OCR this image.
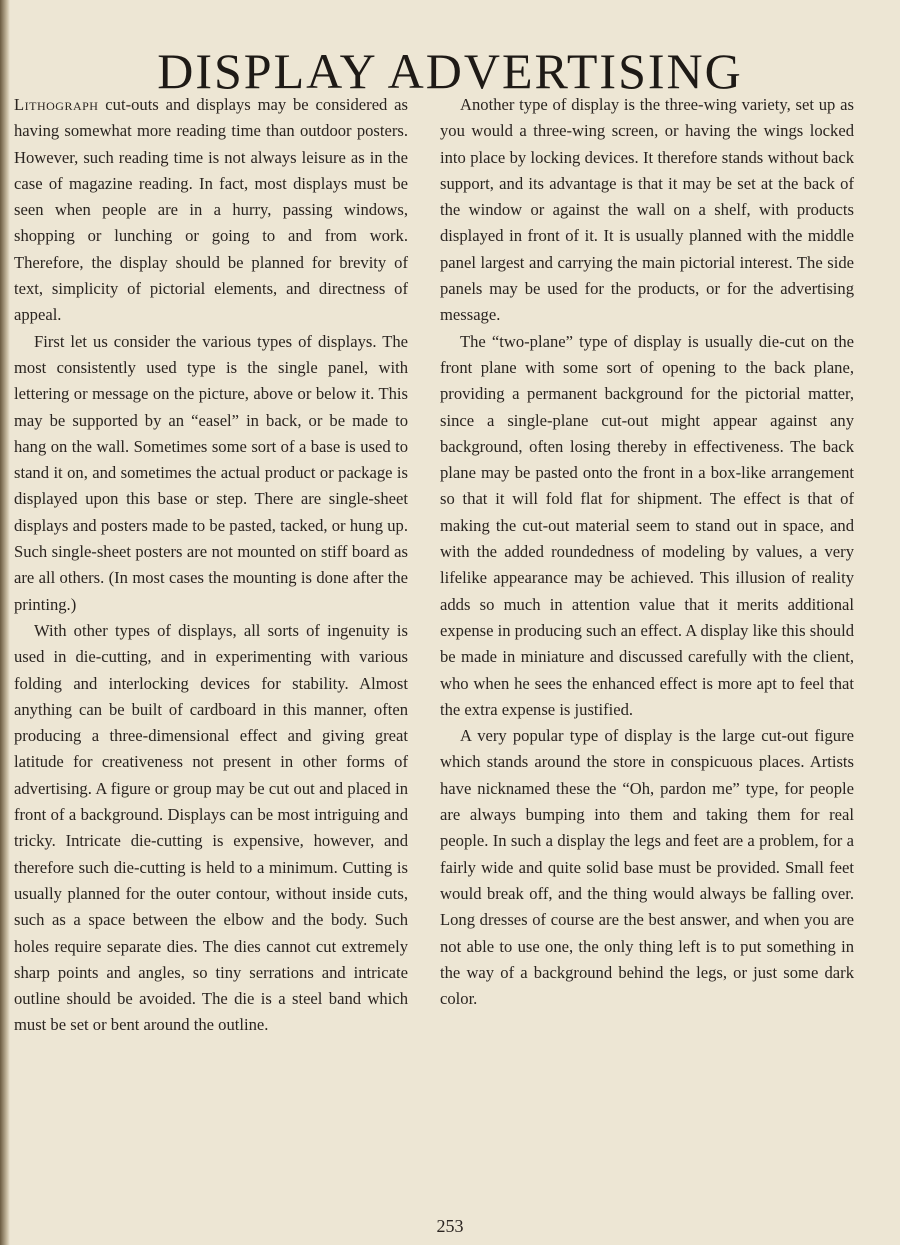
DISPLAY ADVERTISING

Lithograph cut-outs and displays may be considered as having somewhat more reading time than outdoor posters. However, such reading time is not always leisure as in the case of magazine reading. In fact, most displays must be seen when people are in a hurry, passing windows, shopping or lunching or going to and from work. Therefore, the display should be planned for brevity of text, simplicity of pictorial elements, and directness of appeal.

First let us consider the various types of displays. The most consistently used type is the single panel, with lettering or message on the picture, above or below it. This may be supported by an “easel” in back, or be made to hang on the wall. Sometimes some sort of a base is used to stand it on, and sometimes the actual product or package is displayed upon this base or step. There are single-sheet displays and posters made to be pasted, tacked, or hung up. Such single-sheet posters are not mounted on stiff board as are all others. (In most cases the mounting is done after the printing.)

With other types of displays, all sorts of ingenuity is used in die-cutting, and in experimenting with various folding and interlocking devices for stability. Almost anything can be built of cardboard in this manner, often producing a three-dimensional effect and giving great latitude for creativeness not present in other forms of advertising. A figure or group may be cut out and placed in front of a background. Displays can be most intriguing and tricky. Intricate die-cutting is expensive, however, and therefore such die-cutting is held to a minimum. Cutting is usually planned for the outer contour, without inside cuts, such as a space between the elbow and the body. Such holes require separate dies. The dies cannot cut extremely sharp points and angles, so tiny serrations and intricate outline should be avoided. The die is a steel band which must be set or bent around the outline.

Another type of display is the three-wing variety, set up as you would a three-wing screen, or having the wings locked into place by locking devices. It therefore stands without back support, and its advantage is that it may be set at the back of the window or against the wall on a shelf, with products displayed in front of it. It is usually planned with the middle panel largest and carrying the main pictorial interest. The side panels may be used for the products, or for the advertising message.

The “two-plane” type of display is usually die-cut on the front plane with some sort of opening to the back plane, providing a permanent background for the pictorial matter, since a single-plane cut-out might appear against any background, often losing thereby in effectiveness. The back plane may be pasted onto the front in a box-like arrangement so that it will fold flat for shipment. The effect is that of making the cut-out material seem to stand out in space, and with the added roundedness of modeling by values, a very lifelike appearance may be achieved. This illusion of reality adds so much in attention value that it merits additional expense in producing such an effect. A display like this should be made in miniature and discussed carefully with the client, who when he sees the enhanced effect is more apt to feel that the extra expense is justified.

A very popular type of display is the large cut-out figure which stands around the store in conspicuous places. Artists have nicknamed these the “Oh, pardon me” type, for people are always bumping into them and taking them for real people. In such a display the legs and feet are a problem, for a fairly wide and quite solid base must be provided. Small feet would break off, and the thing would always be falling over. Long dresses of course are the best answer, and when you are not able to use one, the only thing left is to put something in the way of a background behind the legs, or just some dark color.

253
